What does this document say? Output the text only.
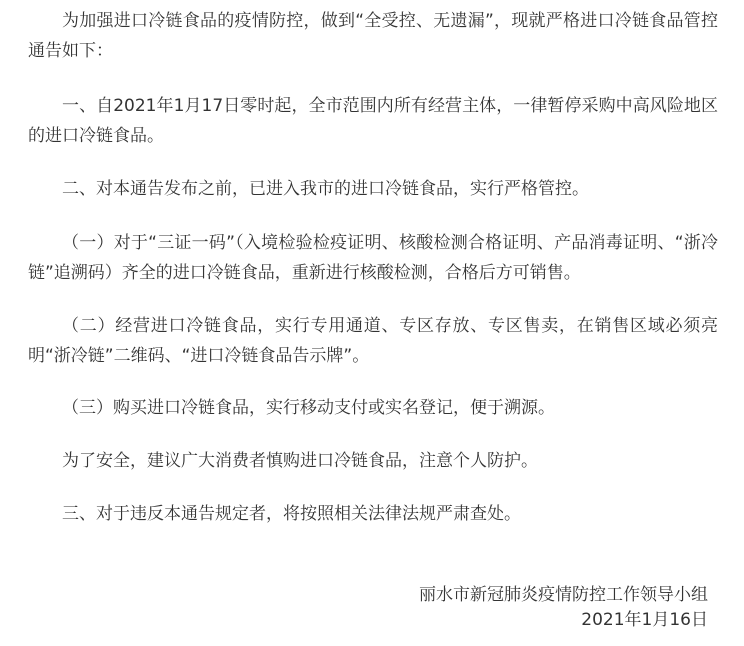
为加强进口冷链食品的疫情防控，做到“全受控、无遗漏”，现就严格进口冷链食品管控通告如下：

一、自2021年1月17日零时起，全市范围内所有经营主体，一律暂停采购中高风险地区的进口冷链食品。

二、对本通告发布之前，已进入我市的进口冷链食品，实行严格管控。

（一）对于“三证一码”（入境检验检疫证明、核酸检测合格证明、产品消毒证明、“浙冷链”追溯码）齐全的进口冷链食品，重新进行核酸检测，合格后方可销售。

（二）经营进口冷链食品，实行专用通道、专区存放、专区售卖，在销售区域必须亮明“浙冷链”二维码、“进口冷链食品告示牌”。

（三）购买进口冷链食品，实行移动支付或实名登记，便于溯源。

为了安全，建议广大消费者慎购进口冷链食品，注意个人防护。

三、对于违反本通告规定者，将按照相关法律法规严肃查处。

丽水市新冠肺炎疫情防控工作领导小组

2021年1月16日
